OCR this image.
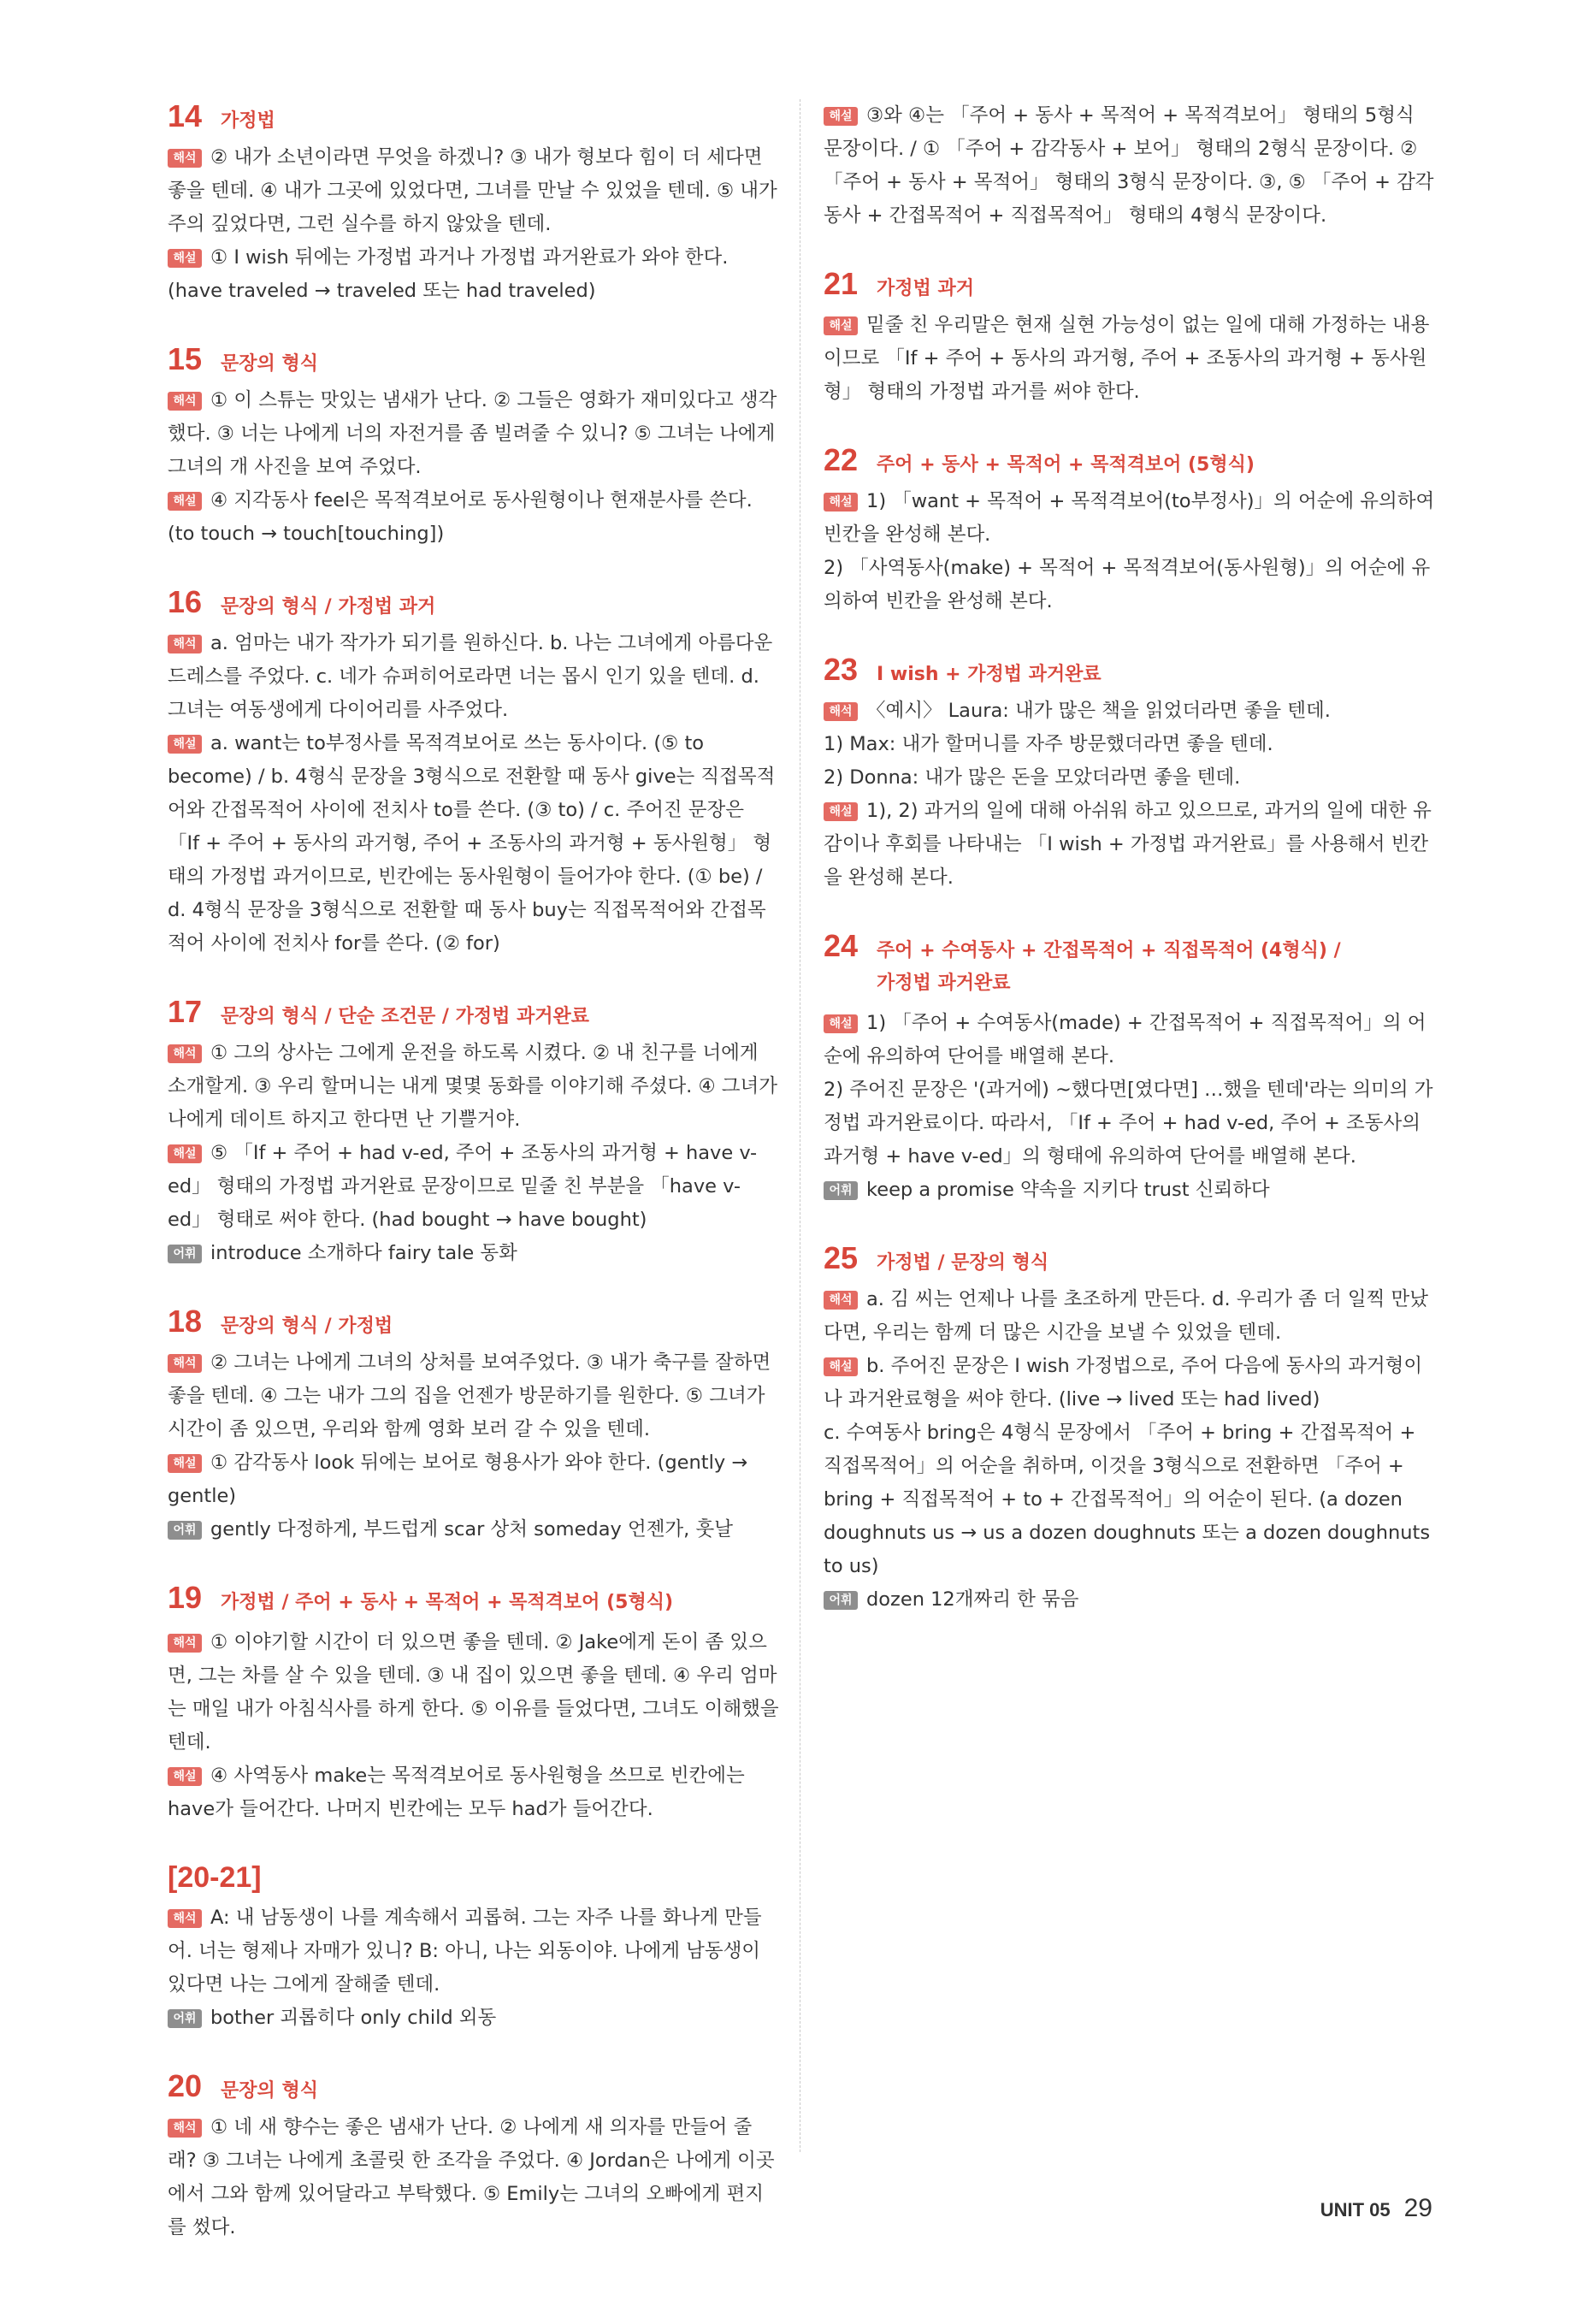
14 가정법

해석 ② 내가 소년이라면 무엇을 하겠니? ③ 내가 형보다 힘이 더 세다면 좋을 텐데. ④ 내가 그곳에 있었다면, 그녀를 만날 수 있었을 텐데. ⑤ 내가 주의 깊었다면, 그런 실수를 하지 않았을 텐데.

해설 ① I wish 뒤에는 가정법 과거나 가정법 과거완료가 와야 한다. (have traveled → traveled 또는 had traveled)

15 문장의 형식

해석 ① 이 스튜는 맛있는 냄새가 난다. ② 그들은 영화가 재미있다고 생각했다. ③ 너는 나에게 너의 자전거를 좀 빌려줄 수 있니? ⑤ 그녀는 나에게 그녀의 개 사진을 보여 주었다.

해설 ④ 지각동사 feel은 목적격보어로 동사원형이나 현재분사를 쓴다. (to touch → touch[touching])

16 문장의 형식 / 가정법 과거

해석 a. 엄마는 내가 작가가 되기를 원하신다. b. 나는 그녀에게 아름다운 드레스를 주었다. c. 네가 슈퍼히어로라면 너는 몹시 인기 있을 텐데. d. 그녀는 여동생에게 다이어리를 사주었다.

해설 a. want는 to부정사를 목적격보어로 쓰는 동사이다. (⑤ to become) / b. 4형식 문장을 3형식으로 전환할 때 동사 give는 직접목적어와 간접목적어 사이에 전치사 to를 쓴다. (③ to) / c. 주어진 문장은 「If + 주어 + 동사의 과거형, 주어 + 조동사의 과거형 + 동사원형」 형태의 가정법 과거이므로, 빈칸에는 동사원형이 들어가야 한다. (① be) / d. 4형식 문장을 3형식으로 전환할 때 동사 buy는 직접목적어와 간접목적어 사이에 전치사 for를 쓴다. (② for)

17 문장의 형식 / 단순 조건문 / 가정법 과거완료

해석 ① 그의 상사는 그에게 운전을 하도록 시켰다. ② 내 친구를 너에게 소개할게. ③ 우리 할머니는 내게 몇몇 동화를 이야기해 주셨다. ④ 그녀가 나에게 데이트 하지고 한다면 난 기쁠거야.

해설 ⑤ 「If + 주어 + had v-ed, 주어 + 조동사의 과거형 + have v-ed」 형태의 가정법 과거완료 문장이므로 밑줄 친 부분을 「have v-ed」 형태로 써야 한다. (had bought → have bought)

어휘 introduce 소개하다 fairy tale 동화

18 문장의 형식 / 가정법

해석 ② 그녀는 나에게 그녀의 상처를 보여주었다. ③ 내가 축구를 잘하면 좋을 텐데. ④ 그는 내가 그의 집을 언젠가 방문하기를 원한다. ⑤ 그녀가 시간이 좀 있으면, 우리와 함께 영화 보러 갈 수 있을 텐데.

해설 ① 감각동사 look 뒤에는 보어로 형용사가 와야 한다. (gently → gentle)

어휘 gently 다정하게, 부드럽게 scar 상처 someday 언젠가, 훗날

19 가정법 / 주어 + 동사 + 목적어 + 목적격보어 (5형식)

해석 ① 이야기할 시간이 더 있으면 좋을 텐데. ② Jake에게 돈이 좀 있으면, 그는 차를 살 수 있을 텐데. ③ 내 집이 있으면 좋을 텐데. ④ 우리 엄마는 매일 내가 아침식사를 하게 한다. ⑤ 이유를 들었다면, 그녀도 이해했을 텐데.

해설 ④ 사역동사 make는 목적격보어로 동사원형을 쓰므로 빈칸에는 have가 들어간다. 나머지 빈칸에는 모두 had가 들어간다.

[20-21]

해석 A: 내 남동생이 나를 계속해서 괴롭혀. 그는 자주 나를 화나게 만들어. 너는 형제나 자매가 있니? B: 아니, 나는 외동이야. 나에게 남동생이 있다면 나는 그에게 잘해줄 텐데.

어휘 bother 괴롭히다 only child 외동

20 문장의 형식

해석 ① 네 새 향수는 좋은 냄새가 난다. ② 나에게 새 의자를 만들어 줄래? ③ 그녀는 나에게 초콜릿 한 조각을 주었다. ④ Jordan은 나에게 이곳에서 그와 함께 있어달라고 부탁했다. ⑤ Emily는 그녀의 오빠에게 편지를 썼다.

해설 ③와 ④는 「주어 + 동사 + 목적어 + 목적격보어」 형태의 5형식 문장이다. / ① 「주어 + 감각동사 + 보어」 형태의 2형식 문장이다. ② 「주어 + 동사 + 목적어」 형태의 3형식 문장이다. ③, ⑤ 「주어 + 감각동사 + 간접목적어 + 직접목적어」 형태의 4형식 문장이다.

21 가정법 과거

해설 밑줄 친 우리말은 현재 실현 가능성이 없는 일에 대해 가정하는 내용이므로 「If + 주어 + 동사의 과거형, 주어 + 조동사의 과거형 + 동사원형」 형태의 가정법 과거를 써야 한다.

22 주어 + 동사 + 목적어 + 목적격보어 (5형식)

해설 1) 「want + 목적어 + 목적격보어(to부정사)」의 어순에 유의하여 빈칸을 완성해 본다.

2) 「사역동사(make) + 목적어 + 목적격보어(동사원형)」의 어순에 유의하여 빈칸을 완성해 본다.

23 I wish + 가정법 과거완료

해석 〈예시〉 Laura: 내가 많은 책을 읽었더라면 좋을 텐데.

1) Max: 내가 할머니를 자주 방문했더라면 좋을 텐데.

2) Donna: 내가 많은 돈을 모았더라면 좋을 텐데.

해설 1), 2) 과거의 일에 대해 아쉬워 하고 있으므로, 과거의 일에 대한 유감이나 후회를 나타내는 「I wish + 가정법 과거완료」를 사용해서 빈칸을 완성해 본다.

24 주어 + 수여동사 + 간접목적어 + 직접목적어 (4형식) / 가정법 과거완료

해설 1) 「주어 + 수여동사(made) + 간접목적어 + 직접목적어」의 어순에 유의하여 단어를 배열해 본다.

2) 주어진 문장은 '(과거에) ~했다면[였다면] …했을 텐데'라는 의미의 가정법 과거완료이다. 따라서, 「If + 주어 + had v-ed, 주어 + 조동사의 과거형 + have v-ed」의 형태에 유의하여 단어를 배열해 본다.

어휘 keep a promise 약속을 지키다 trust 신뢰하다

25 가정법 / 문장의 형식

해석 a. 김 씨는 언제나 나를 초조하게 만든다. d. 우리가 좀 더 일찍 만났다면, 우리는 함께 더 많은 시간을 보낼 수 있었을 텐데.

해설 b. 주어진 문장은 I wish 가정법으로, 주어 다음에 동사의 과거형이나 과거완료형을 써야 한다. (live → lived 또는 had lived)

c. 수여동사 bring은 4형식 문장에서 「주어 + bring + 간접목적어 + 직접목적어」의 어순을 취하며, 이것을 3형식으로 전환하면 「주어 + bring + 직접목적어 + to + 간접목적어」의 어순이 된다. (a dozen doughnuts us → us a dozen doughnuts 또는 a dozen doughnuts to us)

어휘 dozen 12개짜리 한 묶음

UNIT 05 29
